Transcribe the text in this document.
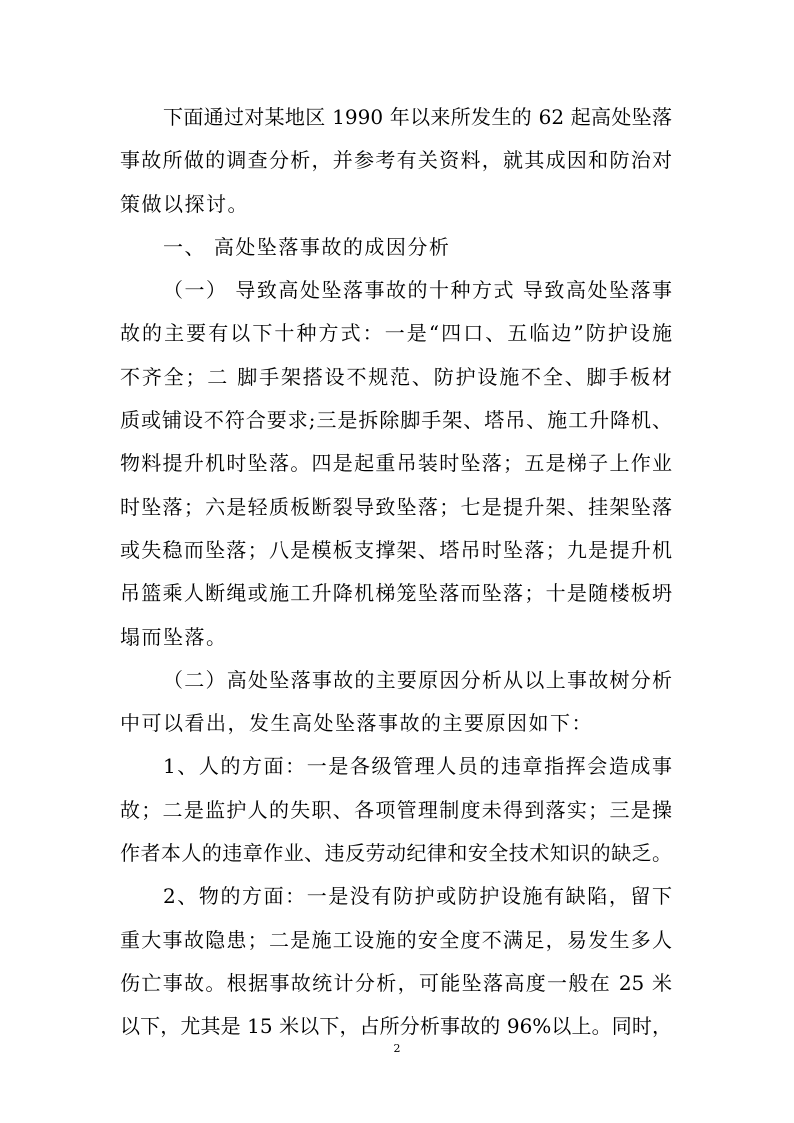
下面通过对某地区 1990 年以来所发生的 62 起高处坠落
事故所做的调查分析，并参考有关资料，就其成因和防治对
策做以探讨。
一、 高处坠落事故的成因分析
（一） 导致高处坠落事故的十种方式 导致高处坠落事
故的主要有以下十种方式：一是“四口、五临边”防护设施
不齐全；二 脚手架搭设不规范、防护设施不全、脚手板材
质或铺设不符合要求;三是拆除脚手架、塔吊、施工升降机、
物料提升机时坠落。四是起重吊装时坠落；五是梯子上作业
时坠落；六是轻质板断裂导致坠落；七是提升架、挂架坠落
或失稳而坠落；八是模板支撑架、塔吊时坠落；九是提升机
吊篮乘人断绳或施工升降机梯笼坠落而坠落；十是随楼板坍
塌而坠落。
（二）高处坠落事故的主要原因分析从以上事故树分析
中可以看出，发生高处坠落事故的主要原因如下：
1、人的方面：一是各级管理人员的违章指挥会造成事
故；二是监护人的失职、各项管理制度未得到落实；三是操
作者本人的违章作业、违反劳动纪律和安全技术知识的缺乏。
2、物的方面：一是没有防护或防护设施有缺陷，留下
重大事故隐患；二是施工设施的安全度不满足，易发生多人
伤亡事故。根据事故统计分析，可能坠落高度一般在 25 米
以下，尤其是 15 米以下，占所分析事故的 96%以上。同时，
2
